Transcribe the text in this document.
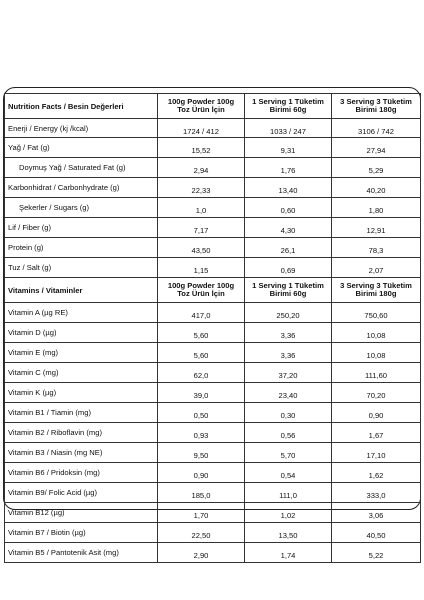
Nutrition Facts / Besin Değerleri	100g Powder 100g Toz Ürün İçin	1 Serving 1 Tüketim Birimi 60g	3 Serving 3 Tüketim Birimi 180g
Enerji / Energy (kj /kcal)	1724 / 412	1033 / 247	3106 / 742
Yağ / Fat (g)	15,52	9,31	27,94
Doymuş Yağ / Saturated Fat (g)	2,94	1,76	5,29
Karbonhidrat / Carbonhydrate (g)	22,33	13,40	40,20
Şekerler / Sugars (g)	1,0	0,60	1,80
Lif / Fiber (g)	7,17	4,30	12,91
Protein (g)	43,50	26,1	78,3
Tuz / Salt (g)	1,15	0,69	2,07
Vitamins / Vitaminler	100g Powder 100g Toz Ürün İçin	1 Serving 1 Tüketim Birimi 60g	3 Serving 3 Tüketim Birimi 180g
Vitamin A (µg RE)	417,0	250,20	750,60
Vitamin D (µg)	5,60	3,36	10,08
Vitamin E (mg)	5,60	3,36	10,08
Vitamin C (mg)	62,0	37,20	111,60
Vitamin K (µg)	39,0	23,40	70,20
Vitamin B1 / Tiamin (mg)	0,50	0,30	0,90
Vitamin B2 / Riboflavin (mg)	0,93	0,56	1,67
Vitamin B3 / Niasin (mg NE)	9,50	5,70	17,10
Vitamin B6 / Pridoksin (mg)	0,90	0,54	1,62
Vitamin B9/ Folic Acid (µg)	185,0	111,0	333,0
Vitamin B12 (µg)	1,70	1,02	3,06
Vitamin B7 / Biotin (µg)	22,50	13,50	40,50
Vitamin B5 / Pantotenik Asit (mg)	2,90	1,74	5,22
